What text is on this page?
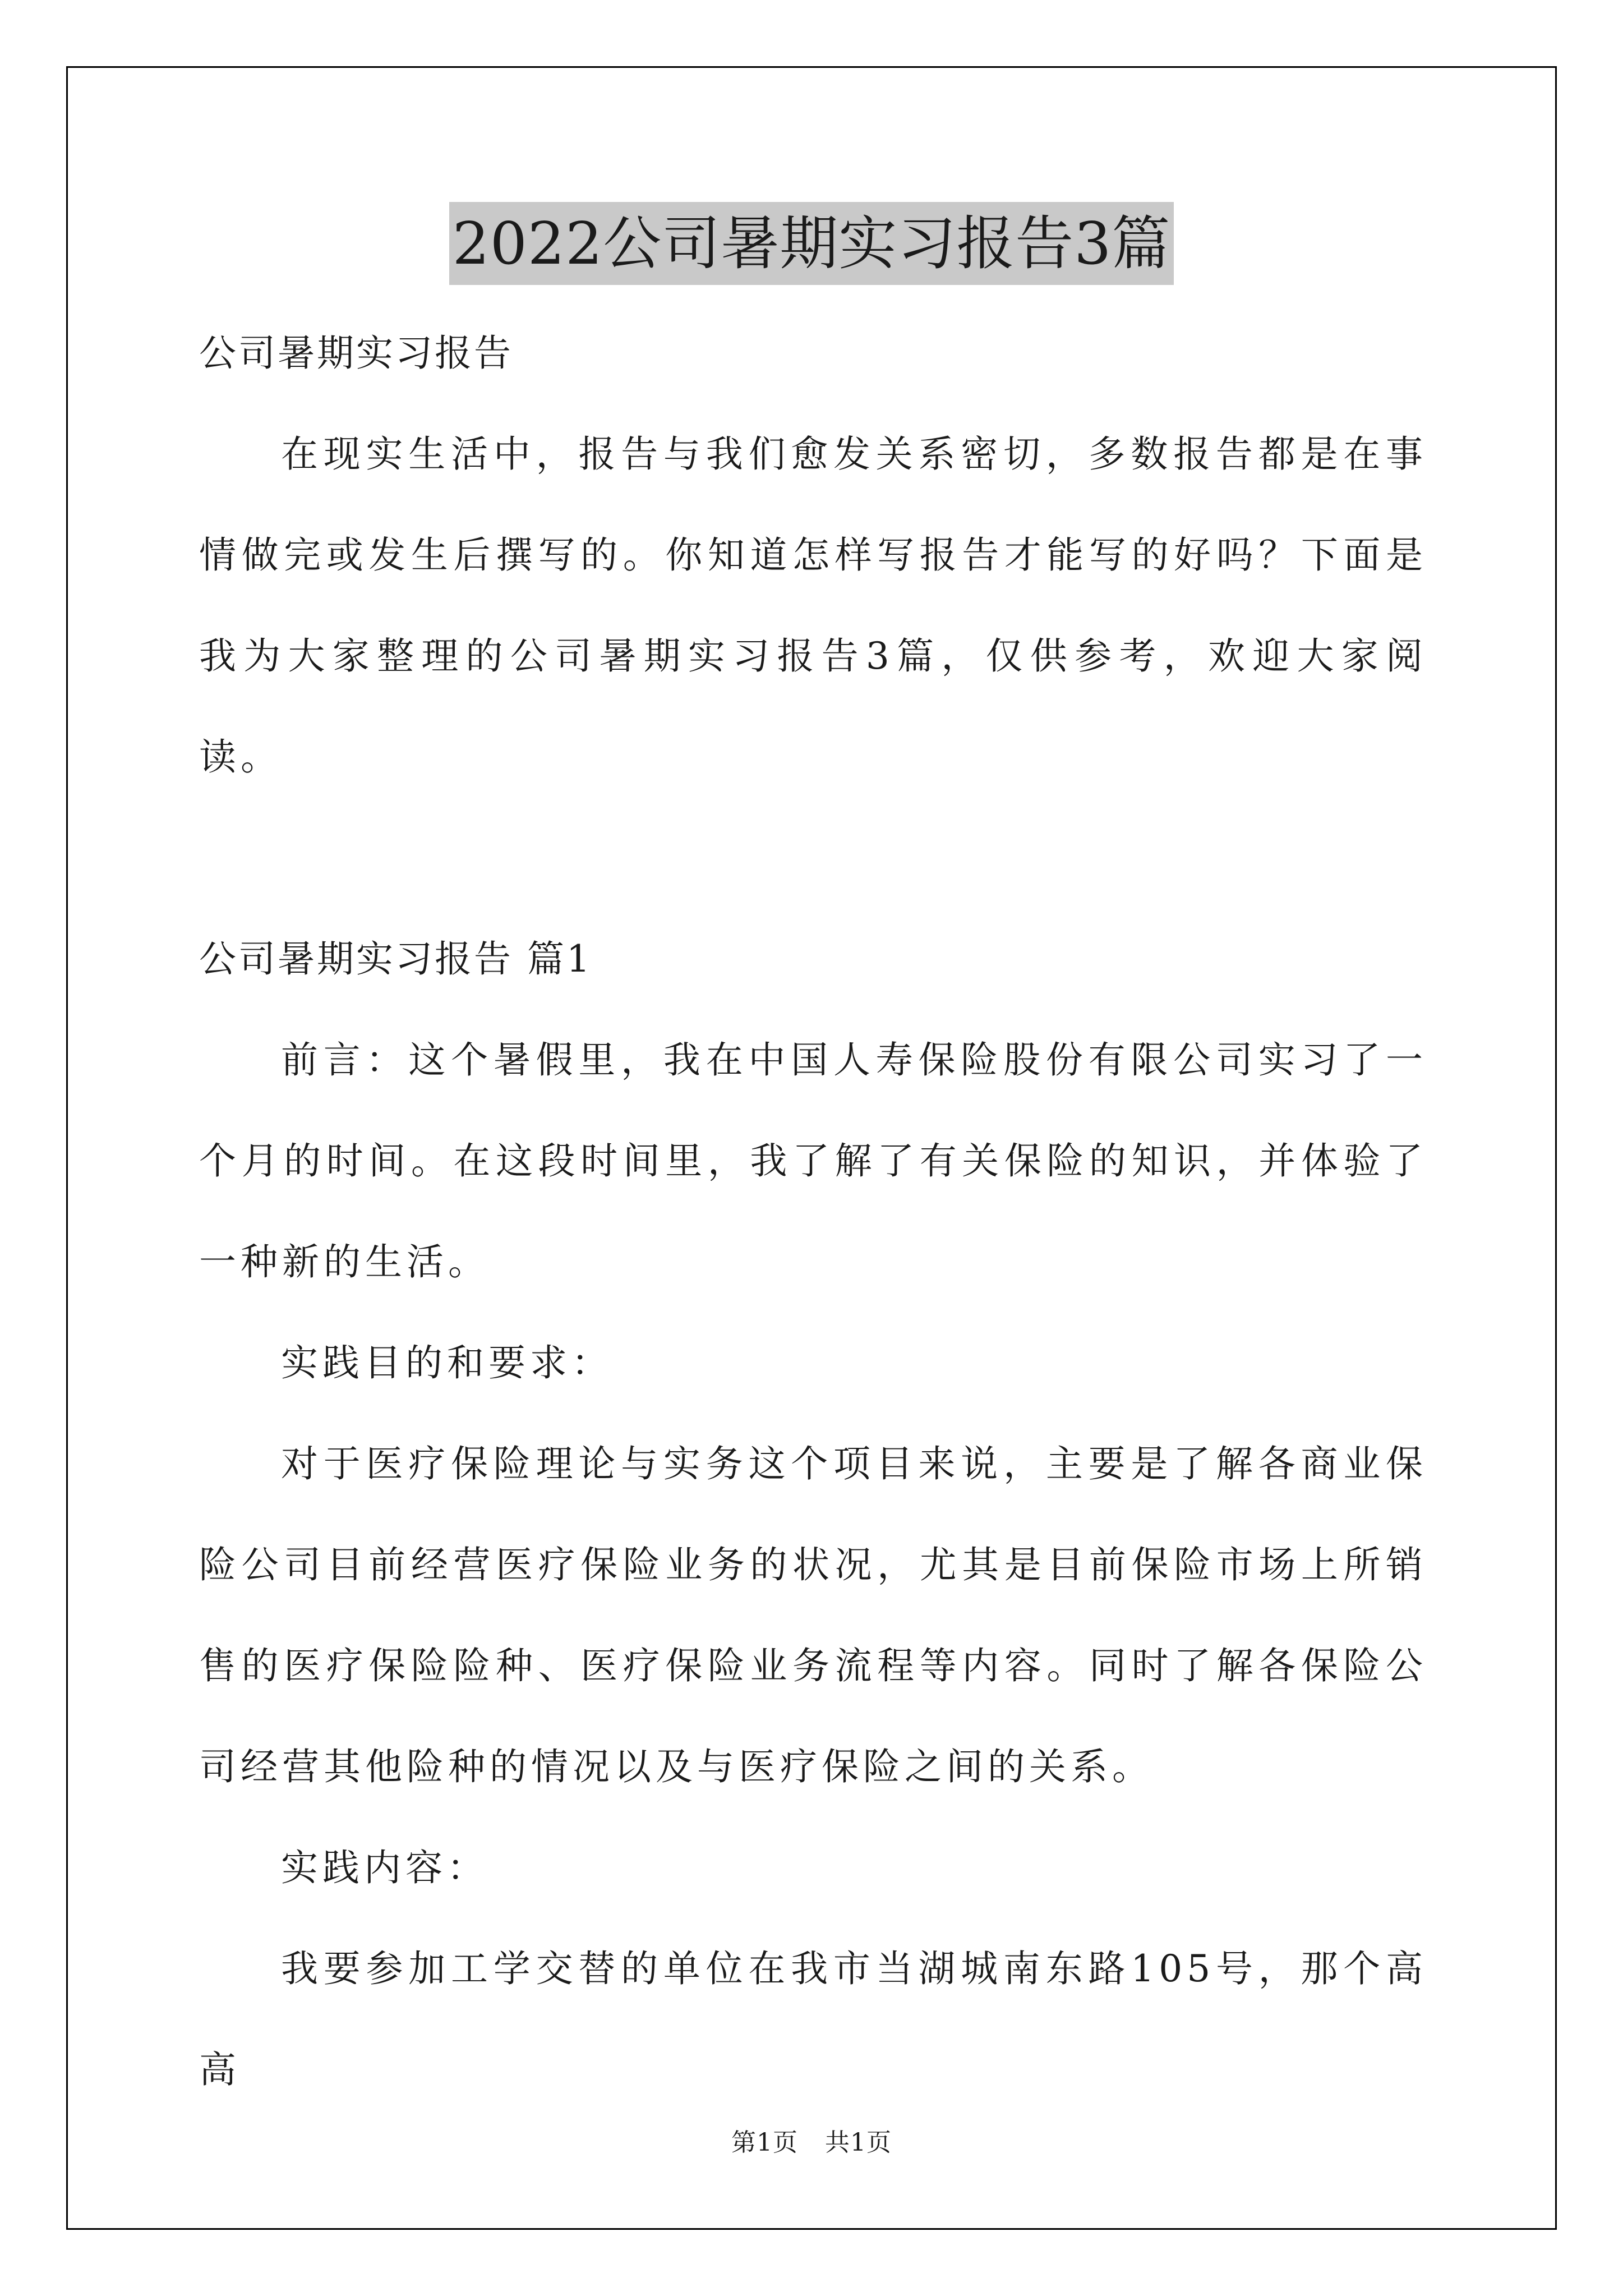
2022公司暑期实习报告3篇

公司暑期实习报告

在现实生活中，报告与我们愈发关系密切，多数报告都是在事情做完或发生后撰写的。你知道怎样写报告才能写的好吗？下面是我为大家整理的公司暑期实习报告3篇，仅供参考，欢迎大家阅读。

公司暑期实习报告 篇1

前言：这个暑假里，我在中国人寿保险股份有限公司实习了一个月的时间。在这段时间里，我了解了有关保险的知识，并体验了一种新的生活。

实践目的和要求：

对于医疗保险理论与实务这个项目来说，主要是了解各商业保险公司目前经营医疗保险业务的状况，尤其是目前保险市场上所销售的医疗保险险种、医疗保险业务流程等内容。同时了解各保险公司经营其他险种的情况以及与医疗保险之间的关系。

实践内容：

我要参加工学交替的单位在我市当湖城南东路105号，那个高高

第1页 共1页
